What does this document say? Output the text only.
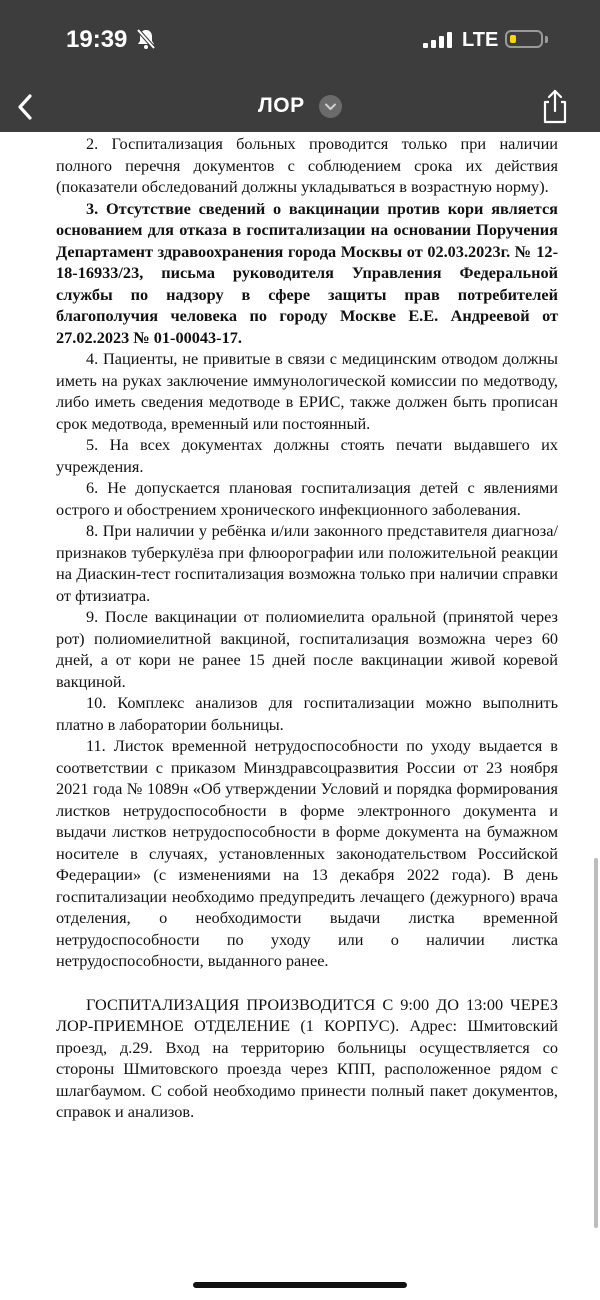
19:39	LTE
ЛОР

2. Госпитализация больных проводится только при наличии полного перечня документов с соблюдением срока их действия (показатели обследований должны укладываться в возрастную норму).

3. Отсутствие сведений о вакцинации против кори является основанием для отказа в госпитализации на основании Поручения Департамент здравоохранения города Москвы от 02.03.2023г. № 12-18-16933/23, письма руководителя Управления Федеральной службы по надзору в сфере защиты прав потребителей благополучия человека по городу Москве Е.Е. Андреевой от 27.02.2023 № 01-00043-17.

4. Пациенты, не привитые в связи с медицинским отводом должны иметь на руках заключение иммунологической комиссии по медотводу, либо иметь сведения медотводе в ЕРИС, также должен быть прописан срок медотвода, временный или постоянный.

5. На всех документах должны стоять печати выдавшего их учреждения.

6. Не допускается плановая госпитализация детей с явлениями острого и обострением хронического инфекционного заболевания.

8. При наличии у ребёнка и/или законного представителя диагноза/признаков туберкулёза при флюорографии или положительной реакции на Диаскин-тест госпитализация возможна только при наличии справки от фтизиатра.

9. После вакцинации от полиомиелита оральной (принятой через рот) полиомиелитной вакциной, госпитализация возможна через 60 дней, а от кори не ранее 15 дней после вакцинации живой коревой вакциной.

10. Комплекс анализов для госпитализации можно выполнить платно в лаборатории больницы.

11. Листок временной нетрудоспособности по уходу выдается в соответствии с приказом Минздравсоцразвития России от 23 ноября 2021 года № 1089н «Об утверждении Условий и порядка формирования листков нетрудоспособности в форме электронного документа и выдачи листков нетрудоспособности в форме документа на бумажном носителе в случаях, установленных законодательством Российской Федерации» (с изменениями на 13 декабря 2022 года). В день госпитализации необходимо предупредить лечащего (дежурного) врача отделения, о необходимости выдачи листка временной нетрудоспособности по уходу или о наличии листка нетрудоспособности, выданного ранее.

ГОСПИТАЛИЗАЦИЯ ПРОИЗВОДИТСЯ С 9:00 ДО 13:00 ЧЕРЕЗ ЛОР-ПРИЕМНОЕ ОТДЕЛЕНИЕ (1 КОРПУС). Адрес: Шмитовский проезд, д.29. Вход на территорию больницы осуществляется со стороны Шмитовского проезда через КПП, расположенное рядом с шлагбаумом. С собой необходимо принести полный пакет документов, справок и анализов.
